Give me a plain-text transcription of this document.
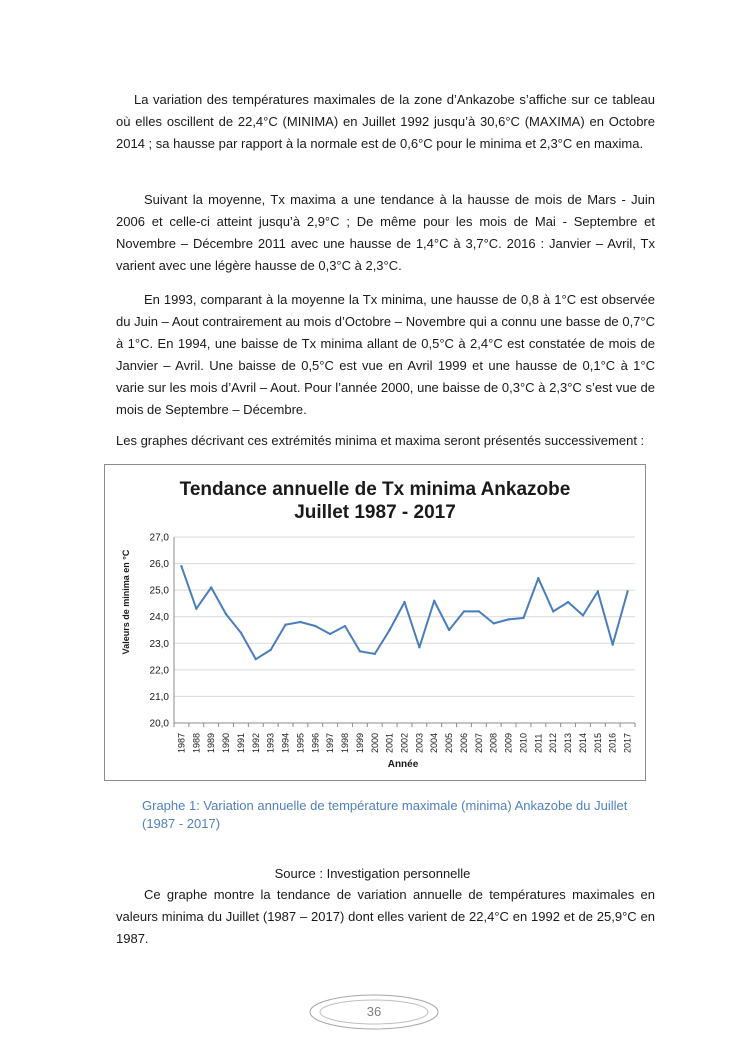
La variation des températures maximales de la zone d’Ankazobe s’affiche sur ce tableau où elles oscillent de 22,4°C (MINIMA) en Juillet 1992 jusqu’à 30,6°C (MAXIMA) en Octobre 2014 ; sa hausse par rapport à la normale est de 0,6°C pour le minima et 2,3°C en maxima.

Suivant la moyenne, Tx maxima a une tendance à la hausse de mois de Mars - Juin 2006 et celle-ci atteint jusqu’à 2,9°C ; De même pour les mois de Mai - Septembre et Novembre – Décembre 2011 avec une hausse de 1,4°C à 3,7°C. 2016 : Janvier – Avril, Tx varient avec une légère hausse de 0,3°C à 2,3°C.

En 1993, comparant à la moyenne la Tx minima, une hausse de 0,8 à 1°C est observée du Juin – Aout contrairement au mois d’Octobre – Novembre qui a connu une basse de 0,7°C à 1°C. En 1994, une baisse de Tx minima allant de 0,5°C à 2,4°C est constatée de mois de Janvier – Avril. Une baisse de 0,5°C est vue en Avril 1999 et une hausse de 0,1°C à 1°C varie sur les mois d’Avril – Aout. Pour l’année 2000, une baisse de 0,3°C à 2,3°C s’est vue de mois de Septembre – Décembre.

Les graphes décrivant ces extrémités minima et maxima seront présentés successivement :

Tendance annuelle de Tx minima Ankazobe
Juillet 1987 - 2017
20,0
21,0
22,0
23,0
24,0
25,0
26,0
27,0
1987 1988 1989 1990 1991 1992 1993 1994 1995 1996 1997 1998 1999 2000 2001 2002 2003 2004 2005 2006 2007 2008 2009 2010 2011 2012 2013 2014 2015 2016 2017
Valeurs de minima en °C
Année

Graphe 1: Variation annuelle de température maximale (minima) Ankazobe du Juillet (1987 - 2017)

Source : Investigation personnelle

Ce graphe montre la tendance de variation annuelle de températures maximales en valeurs minima du Juillet (1987 – 2017) dont elles varient de 22,4°C en 1992 et de 25,9°C en 1987.

36
